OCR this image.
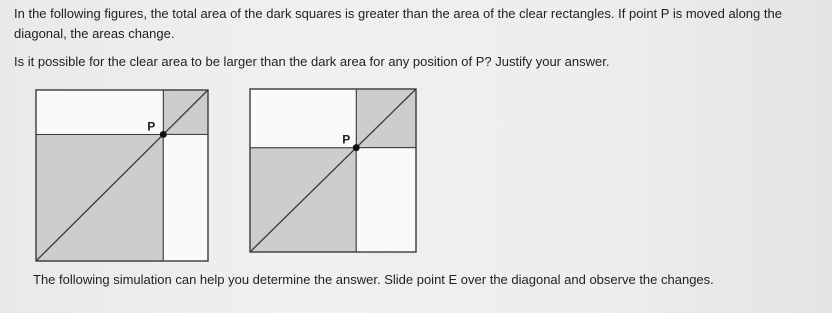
In the following figures, the total area of the dark squares is greater than the area of the clear rectangles. If point P is moved along the diagonal, the areas change.

Is it possible for the clear area to be larger than the dark area for any position of P? Justify your answer.

P
P

The following simulation can help you determine the answer. Slide point E over the diagonal and observe the changes.
